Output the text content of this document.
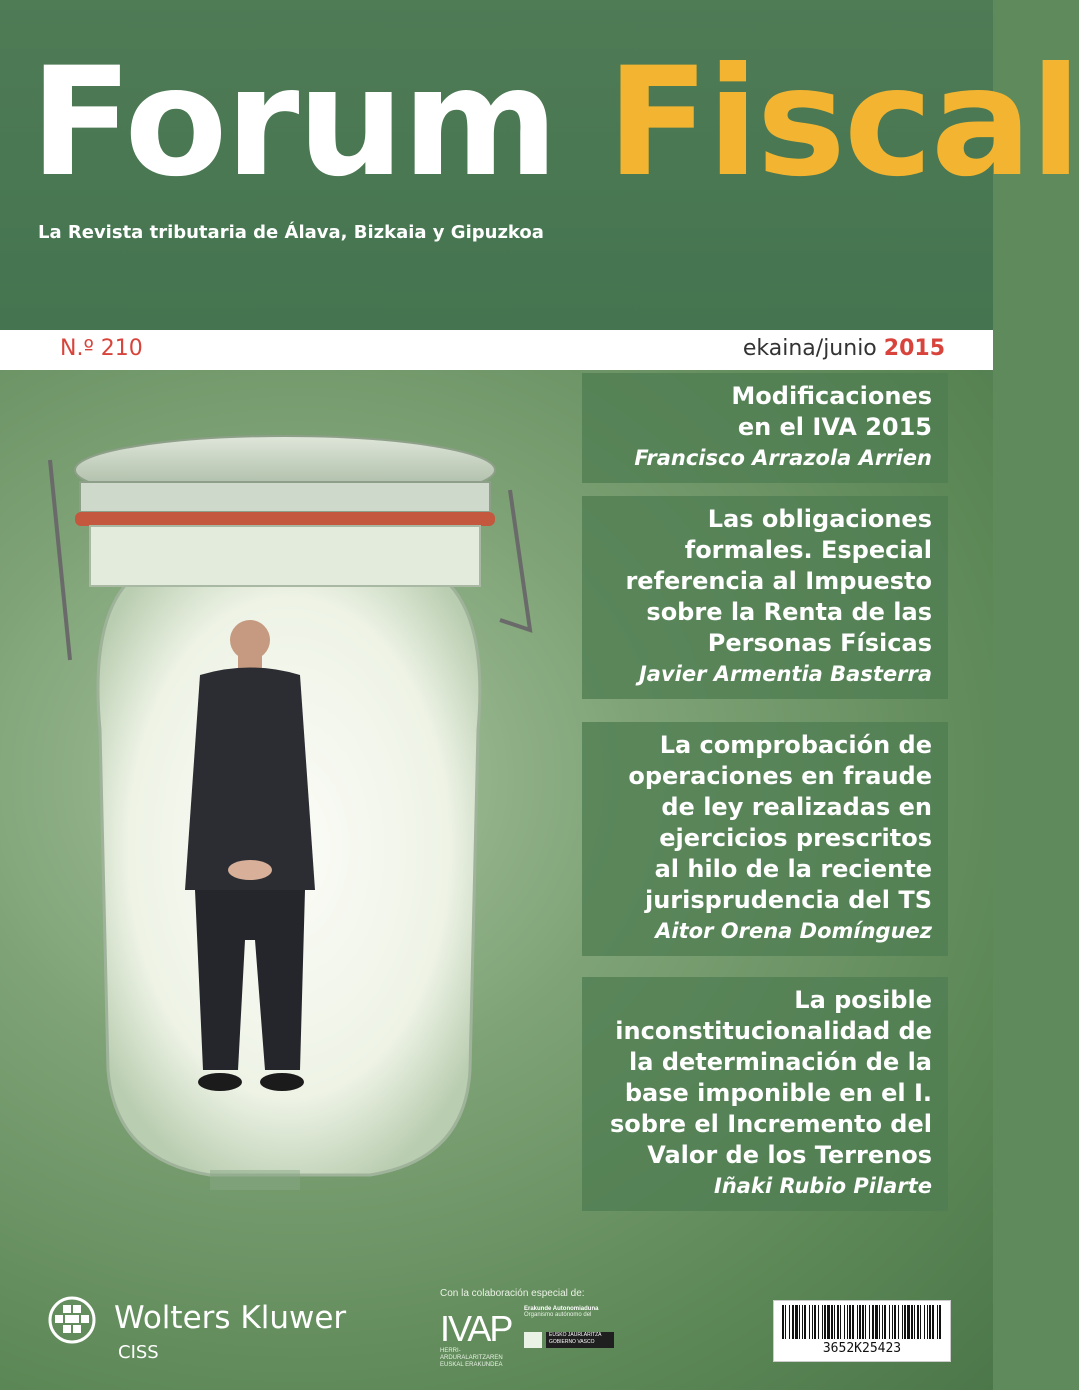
Forum Fiscal
La Revista tributaria de Álava, Bizkaia y Gipuzkoa
N.º 210	ekaina/junio 2015

Modificaciones
en el IVA 2015

Francisco Arrazola Arrien

Las obligaciones
formales. Especial
referencia al Impuesto
sobre la Renta de las
Personas Físicas

Javier Armentia Basterra

La comprobación de
operaciones en fraude
de ley realizadas en
ejercicios prescritos
al hilo de la reciente
jurisprudencia del TS

Aitor Orena Domínguez

La posible
inconstitucionalidad de
la determinación de la
base imponible en el I.
sobre el Incremento del
Valor de los Terrenos

Iñaki Rubio Pilarte

Wolters Kluwer
CISS
Con la colaboración especial de:
IVAP
HERRI-ARDURALARITZAREN EUSKAL ERAKUNDEA
Erakunde Autonomiaduna
Organismo autónomo del
EUSKO JAURLARITZA GOBIERNO VASCO	3652K25423
